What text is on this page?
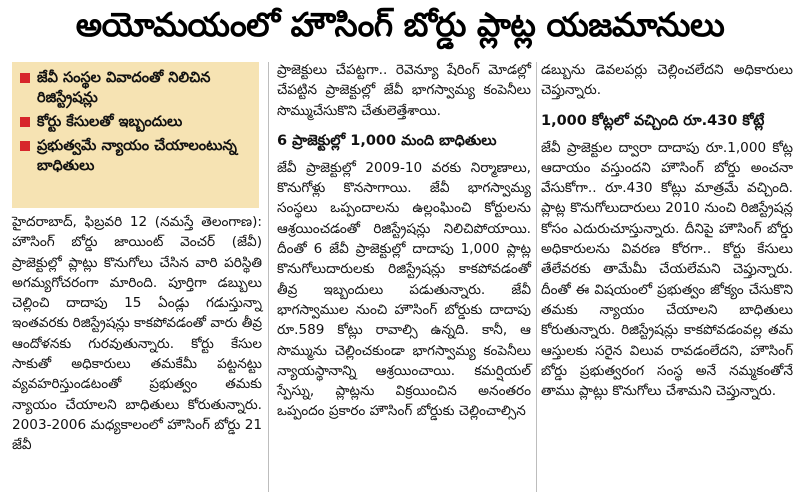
అయోమయంలో హౌసింగ్ బోర్డు ప్లాట్ల యజమానులు
జేవీ సంస్థల వివాదంతో నిలిచిన రిజిస్ట్రేషన్లు
కోర్టు కేసులతో ఇబ్బందులు
ప్రభుత్వమే న్యాయం చేయాలంటున్న బాధితులు

హైదరాబాద్, ఫిబ్రవరి 12 (నమస్తే తెలంగాణ): హౌసింగ్ బోర్డు జాయింట్ వెంచర్ (జేవీ) ప్రాజెక్టుల్లో ప్లాట్లు కొనుగోలు చేసిన వారి పరిస్థితి అగమ్యగోచరంగా మారింది. పూర్తిగా డబ్బులు చెల్లించి దాదాపు 15 ఏండ్లు గడుస్తున్నా ఇంతవరకు రిజిస్ట్రేషన్లు కాకపోవడంతో వారు తీవ్ర ఆందోళనకు గురవుతున్నారు. కోర్టు కేసుల సాకుతో అధికారులు తమకేమీ పట్టనట్టు వ్యవహరిస్తుండటంతో ప్రభుత్వం తమకు న్యాయం చేయాలని బాధితులు కోరుతున్నారు. 2003-2006 మధ్యకాలంలో హౌసింగ్ బోర్డు 21 జేవీ

ప్రాజెక్టులు చేపట్టగా.. రెవెన్యూ షేరింగ్ మోడల్లో చేపట్టిన ప్రాజెక్టుల్లో జేవీ భాగస్వామ్య కంపెనీలు సొమ్ముచేసుకొని చేతులెత్తేశాయి.

6 ప్రాజెక్టుల్లో 1,000 మంది బాధితులు

జేవీ ప్రాజెక్టుల్లో 2009-10 వరకు నిర్మాణాలు, కొనుగోళ్లు కొనసాగాయి. జేవీ భాగస్వామ్య సంస్థలు ఒప్పందాలను ఉల్లంఘించి కోర్టులను ఆశ్రయించడంతో రిజిస్ట్రేషన్లు నిలిచిపోయాయి. దీంతో 6 జేవీ ప్రాజెక్టుల్లో దాదాపు 1,000 ప్లాట్ల కొనుగోలుదారులకు రిజిస్ట్రేషన్లు కాకపోవడంతో తీవ్ర ఇబ్బందులు పడుతున్నారు. జేవీ భాగస్వాముల నుంచి హౌసింగ్ బోర్డుకు దాదాపు రూ.589 కోట్లు రావాల్సి ఉన్నది. కానీ, ఆ సొమ్మును చెల్లించకుండా భాగస్వామ్య కంపెనీలు న్యాయస్థానాన్ని ఆశ్రయించాయి. కమర్షియల్ స్పేస్ను, ప్లాట్లను విక్రయించిన అనంతరం ఒప్పందం ప్రకారం హౌసింగ్ బోర్డుకు చెల్లించాల్సిన

డబ్బును డెవలపర్లు చెల్లించలేదని అధికారులు చెప్తున్నారు.

1,000 కోట్లలో వచ్చింది రూ.430 కోట్లే

జేవీ ప్రాజెక్టుల ద్వారా దాదాపు రూ.1,000 కోట్ల ఆదాయం వస్తుందని హౌసింగ్ బోర్డు అంచనా వేసుకోగా.. రూ.430 కోట్లు మాత్రమే వచ్చింది. ప్లాట్ల కొనుగోలుదారులు 2010 నుంచి రిజిస్ట్రేషన్ల కోసం ఎదురుచూస్తున్నారు. దీనిపై హౌసింగ్ బోర్డు అధికారులను వివరణ కోరగా.. కోర్టు కేసులు తేలేవరకు తామేమీ చేయలేమని చెప్తున్నారు. దీంతో ఈ విషయంలో ప్రభుత్వం జోక్యం చేసుకొని తమకు న్యాయం చేయాలని బాధితులు కోరుతున్నారు. రిజిస్ట్రేషన్లు కాకపోవడంవల్ల తమ ఆస్తులకు సరైన విలువ రావడంలేదని, హౌసింగ్ బోర్డు ప్రభుత్వరంగ సంస్థ అనే నమ్మకంతోనే తాము ప్లాట్లు కొనుగోలు చేశామని చెప్తున్నారు.
